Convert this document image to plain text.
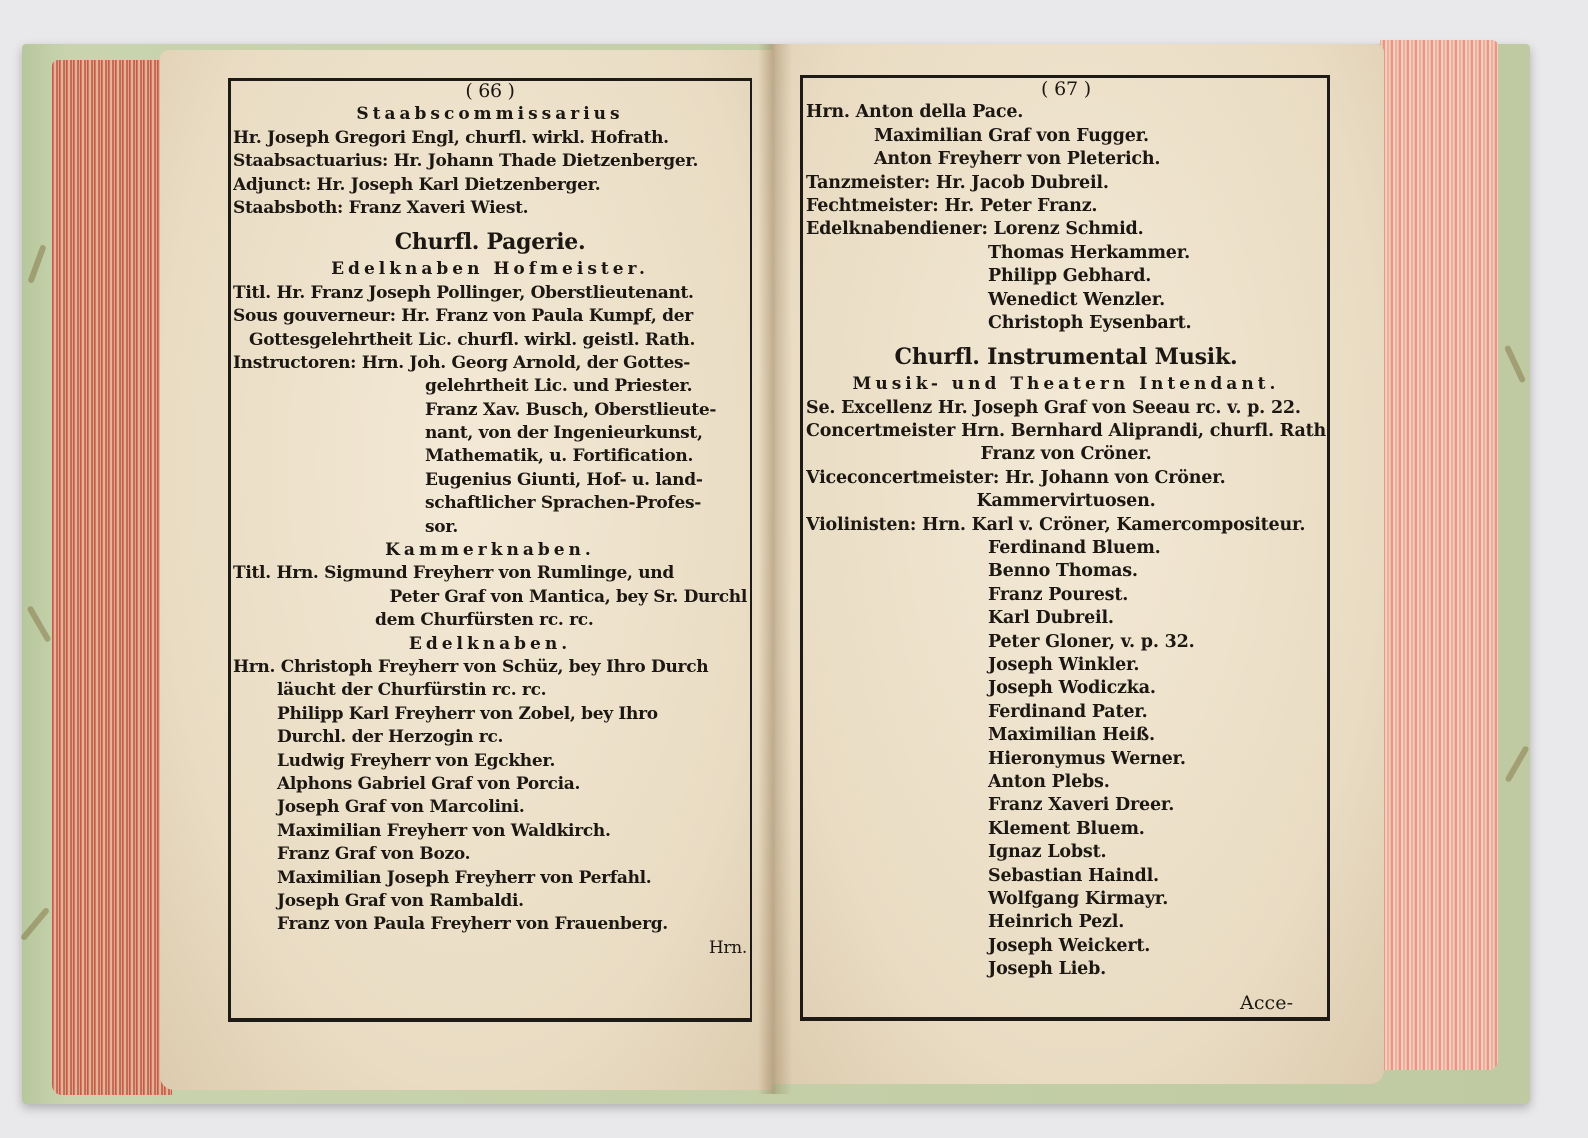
( 66 )
Staabscommissarius
Hr. Joseph Gregori Engl, churfl. wirkl. Hofrath.
Staabsactuarius: Hr. Johann Thade Dietzenberger.
Adjunct: Hr. Joseph Karl Dietzenberger.
Staabsboth: Franz Xaveri Wiest.
Churfl. Pagerie.
Edelknaben Hofmeister.
Titl. Hr. Franz Joseph Pollinger, Oberstlieutenant.
Sous gouverneur: Hr. Franz von Paula Kumpf, der
Gottesgelehrtheit Lic. churfl. wirkl. geistl. Rath.
Instructoren: Hrn. Joh. Georg Arnold, der Gottes-
gelehrtheit Lic. und Priester.
Franz Xav. Busch, Oberstlieute-
nant, von der Ingenieurkunst,
Mathematik, u. Fortification.
Eugenius Giunti, Hof- u. land-
schaftlicher Sprachen-Profes-
sor.
Kammerknaben.
Titl. Hrn. Sigmund Freyherr von Rumlinge, und
Peter Graf von Mantica, bey Sr. Durchl
dem Churfürsten rc. rc.
Edelknaben.
Hrn. Christoph Freyherr von Schüz, bey Ihro Durch
läucht der Churfürstin rc. rc.
Philipp Karl Freyherr von Zobel, bey Ihro
Durchl. der Herzogin rc.
Ludwig Freyherr von Egckher.
Alphons Gabriel Graf von Porcia.
Joseph Graf von Marcolini.
Maximilian Freyherr von Waldkirch.
Franz Graf von Bozo.
Maximilian Joseph Freyherr von Perfahl.
Joseph Graf von Rambaldi.
Franz von Paula Freyherr von Frauenberg.
Hrn.
( 67 )
Hrn. Anton della Pace.
Maximilian Graf von Fugger.
Anton Freyherr von Pleterich.
Tanzmeister: Hr. Jacob Dubreil.
Fechtmeister: Hr. Peter Franz.
Edelknabendiener: Lorenz Schmid.
Thomas Herkammer.
Philipp Gebhard.
Wenedict Wenzler.
Christoph Eysenbart.
Churfl. Instrumental Musik.
Musik- und Theatern Intendant.
Se. Excellenz Hr. Joseph Graf von Seeau rc. v. p. 22.
Concertmeister Hrn. Bernhard Aliprandi, churfl. Rath
Franz von Cröner.
Viceconcertmeister: Hr. Johann von Cröner.
Kammervirtuosen.
Violinisten: Hrn. Karl v. Cröner, Kamercompositeur.
Ferdinand Bluem.
Benno Thomas.
Franz Pourest.
Karl Dubreil.
Peter Gloner, v. p. 32.
Joseph Winkler.
Joseph Wodiczka.
Ferdinand Pater.
Maximilian Heiß.
Hieronymus Werner.
Anton Plebs.
Franz Xaveri Dreer.
Klement Bluem.
Ignaz Lobst.
Sebastian Haindl.
Wolfgang Kirmayr.
Heinrich Pezl.
Joseph Weickert.
Joseph Lieb.
Acce-
